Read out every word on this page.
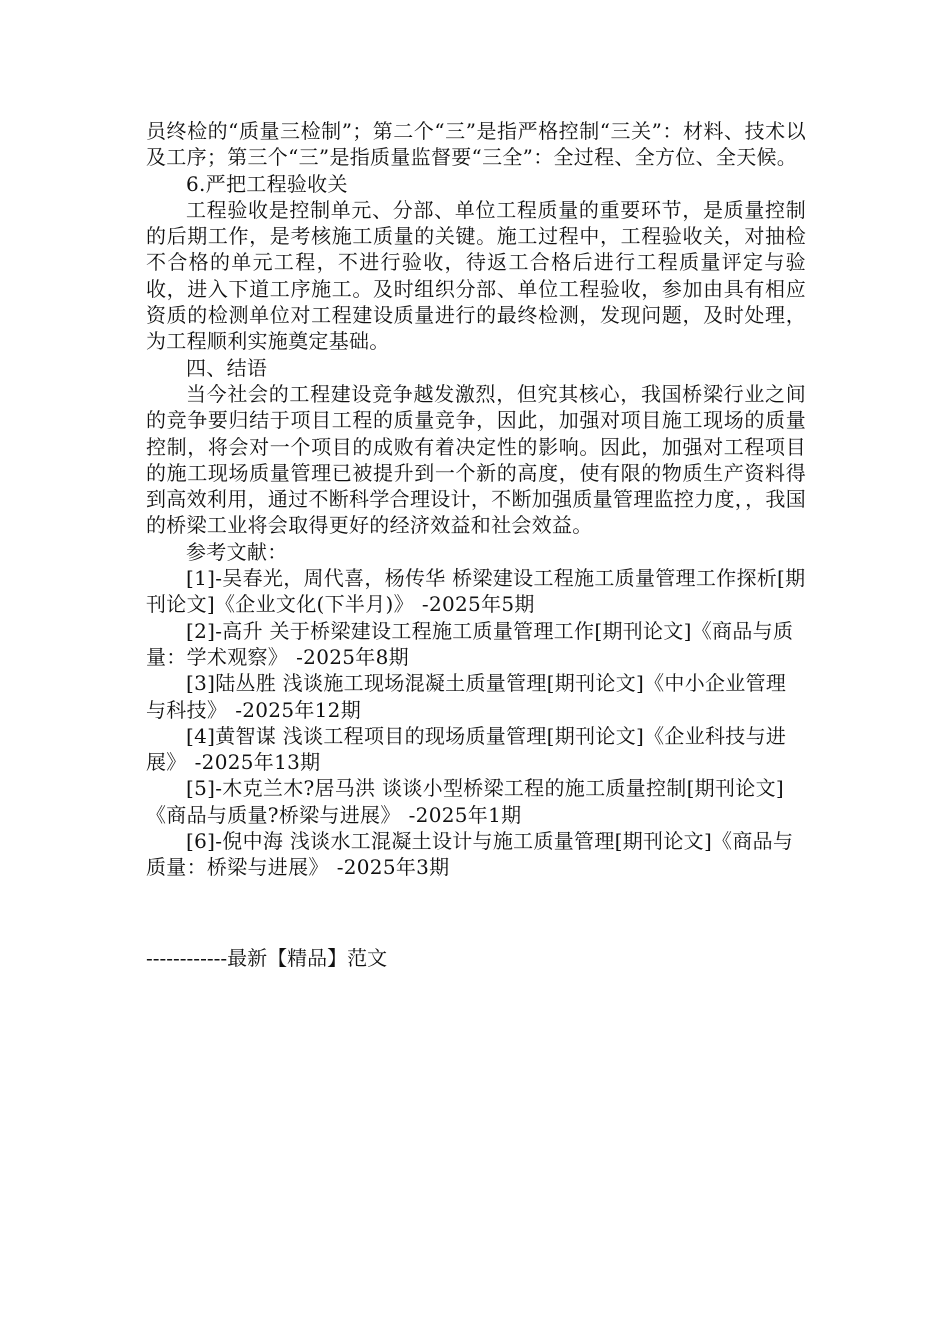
员终检的“质量三检制”；第二个“三”是指严格控制“三关”：材料、技术以及工序；第三个“三”是指质量监督要“三全”：全过程、全方位、全天候。

6.严把工程验收关

工程验收是控制单元、分部、单位工程质量的重要环节，是质量控制的后期工作，是考核施工质量的关键。施工过程中，工程验收关，对抽检不合格的单元工程，不进行验收，待返工合格后进行工程质量评定与验收，进入下道工序施工。及时组织分部、单位工程验收，参加由具有相应资质的检测单位对工程建设质量进行的最终检测，发现问题，及时处理，为工程顺利实施奠定基础。

四、结语

当今社会的工程建设竞争越发激烈，但究其核心，我国桥梁行业之间的竞争要归结于项目工程的质量竞争，因此，加强对项目施工现场的质量控制，将会对一个项目的成败有着决定性的影响。因此，加强对工程项目的施工现场质量管理已被提升到一个新的高度，使有限的物质生产资料得到高效利用，通过不断科学合理设计，不断加强质量管理监控力度，，我国的桥梁工业将会取得更好的经济效益和社会效益。

参考文献：

[1]-吴春光，周代喜，杨传华 桥梁建设工程施工质量管理工作探析[期刊论文]《企业文化(下半月)》 -2025年5期

[2]-高升 关于桥梁建设工程施工质量管理工作[期刊论文]《商品与质量：学术观察》 -2025年8期

[3]陆丛胜 浅谈施工现场混凝土质量管理[期刊论文]《中小企业管理与科技》 -2025年12期

[4]黄智谋 浅谈工程项目的现场质量管理[期刊论文]《企业科技与进展》 -2025年13期

[5]-木克兰木?居马洪 谈谈小型桥梁工程的施工质量控制[期刊论文]《商品与质量?桥梁与进展》 -2025年1期

[6]-倪中海 浅谈水工混凝土设计与施工质量管理[期刊论文]《商品与质量：桥梁与进展》 -2025年3期

------------最新【精品】范文
